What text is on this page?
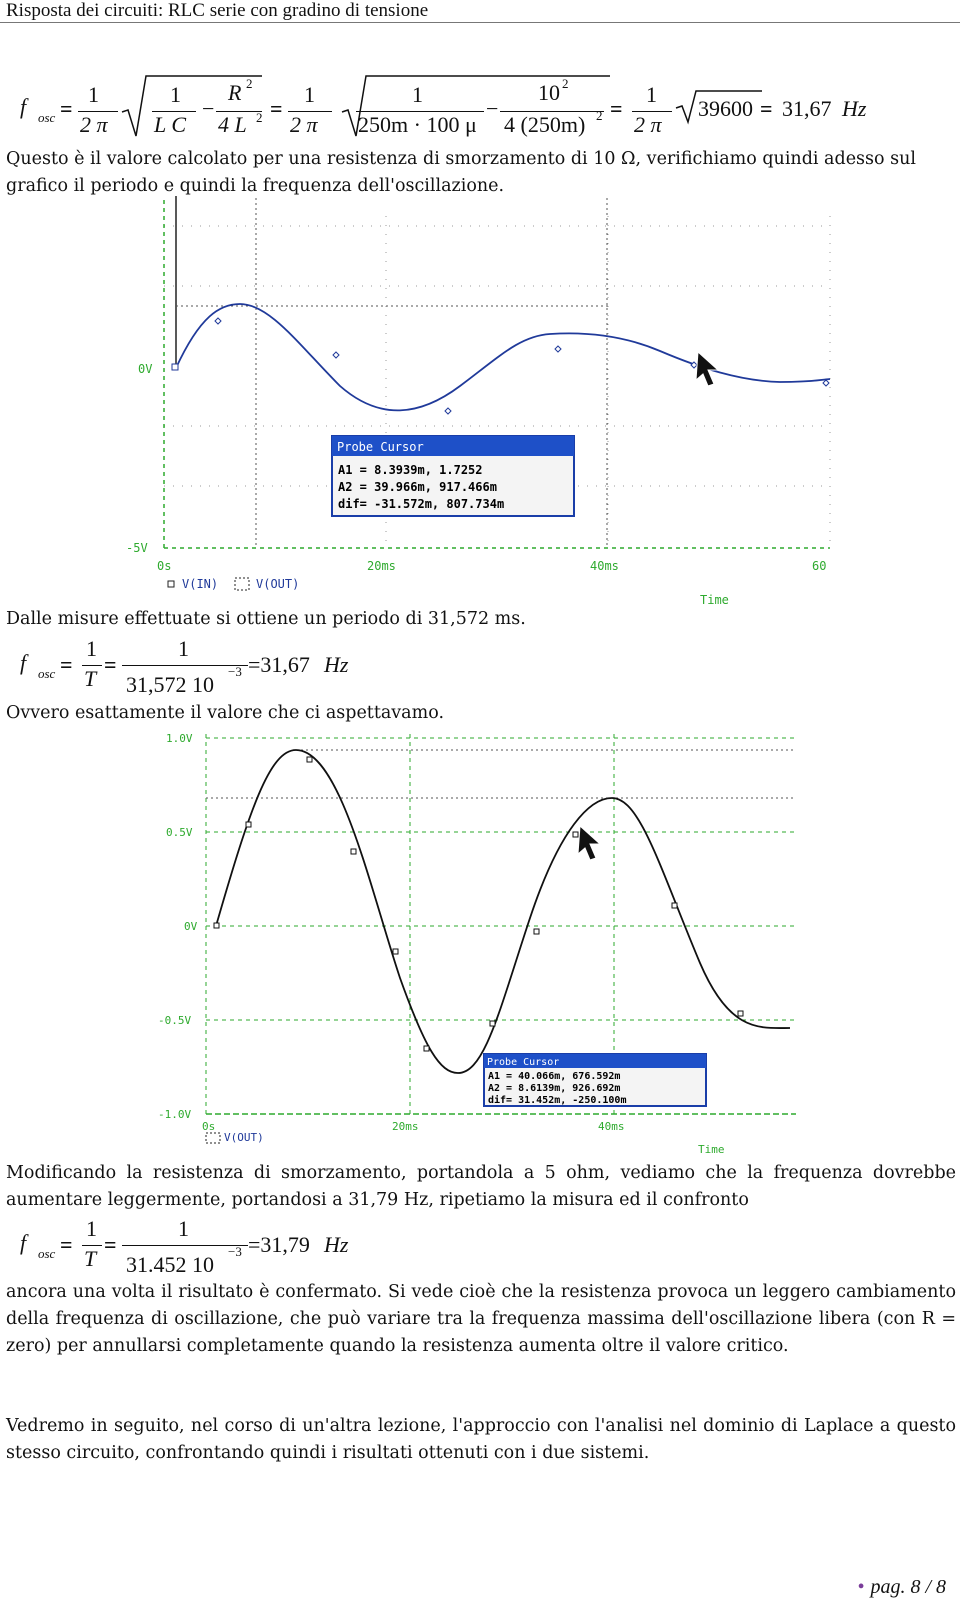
Risposta dei circuiti: RLC serie con gradino di tensione
f osc =
1
2 π
1
L C
−
R 2
4 L 2 =
1
2 π
1
250m · 100 μ
−
10 2
4 (250m) 2 =
1
2 π
39600 = 31,67 Hz
Questo è il valore calcolato per una resistenza di smorzamento di 10 Ω, verifichiamo quindi adesso sul grafico il periodo e quindi la frequenza dell'oscillazione.
0V
-5V
0s	20ms	40ms	60
V(IN)	V(OUT)
Time
Probe Cursor
A1 = 8.3939m, 1.7252
A2 = 39.966m, 917.466m
dif= -31.572m, 807.734m
Dalle misure effettuate si ottiene un periodo di 31,572 ms.
f osc =
1
T
=
1
31,572 10
−3 =31,67 Hz
Ovvero esattamente il valore che ci aspettavamo.
1.0V
0.5V
0V
-0.5V
-1.0V
0s	20ms	40ms
V(OUT)
Time
Probe Cursor
A1 = 40.066m, 676.592m
A2 = 8.6139m, 926.692m
dif= 31.452m, -250.100m
Modificando la resistenza di smorzamento, portandola a 5 ohm, vediamo che la frequenza dovrebbe aumentare leggermente, portandosi a 31,79 Hz, ripetiamo la misura ed il confronto
f osc =
1
T
=
1
31.452 10
−3 =31,79 Hz
ancora una volta il risultato è confermato. Si vede cioè che la resistenza provoca un leggero cambiamento della frequenza di oscillazione, che può variare tra la frequenza massima dell'oscillazione libera (con R = zero) per annullarsi completamente quando la resistenza aumenta oltre il valore critico.
Vedremo in seguito, nel corso di un'altra lezione, l'approccio con l'analisi nel dominio di Laplace a questo stesso circuito, confrontando quindi i risultati ottenuti con i due sistemi.
• pag. 8 / 8
